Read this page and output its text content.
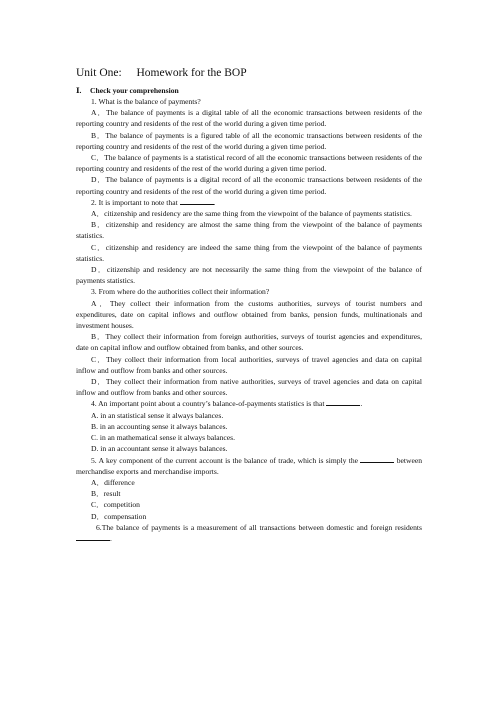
Unit One: Homework for the BOP
Ⅰ. Check your comprehension

1. What is the balance of payments?

A．The balance of payments is a digital table of all the economic transactions between residents of the reporting country and residents of the rest of the world during a given time period.

B．The balance of payments is a figured table of all the economic transactions between residents of the reporting country and residents of the rest of the world during a given time period.

C．The balance of payments is a statistical record of all the economic transactions between residents of the reporting country and residents of the rest of the world during a given time period.

D．The balance of payments is a digital record of all the economic transactions between residents of the reporting country and residents of the rest of the world during a given time period.

2. It is important to note that	.

A．citizenship and residency are the same thing from the viewpoint of the balance of payments statistics.

B．citizenship and residency are almost the same thing from the viewpoint of the balance of payments statistics.

C．citizenship and residency are indeed the same thing from the viewpoint of the balance of payments statistics.

D．citizenship and residency are not necessarily the same thing from the viewpoint of the balance of payments statistics.

3. From where do the authorities collect their information?

A．They collect their information from the customs authorities, surveys of tourist numbers and expenditures, date on capital inflows and outflow obtained from banks, pension funds, multinationals and investment houses.

B．They collect their information from foreign authorities, surveys of tourist agencies and expenditures, date on capital inflow and outflow obtained from banks, and other sources.

C．They collect their information from local authorities, surveys of travel agencies and data on capital inflow and outflow from banks and other sources.

D．They collect their information from native authorities, surveys of travel agencies and data on capital inflow and outflow from banks and other sources.

4. An important point about a country’s balance-of-payments statistics is that	.

A. in an statistical sense it always balances.

B. in an accounting sense it always balances.

C. in an mathematical sense it always balances.

D. in an accountant sense it always balances.

5. A key component of the current account is the balance of trade, which is simply the	between merchandise exports and merchandise imports.

A．difference

B．result

C．competition

D．compensation

6.The balance of payments is a measurement of all transactions between domestic and foreign residents .
